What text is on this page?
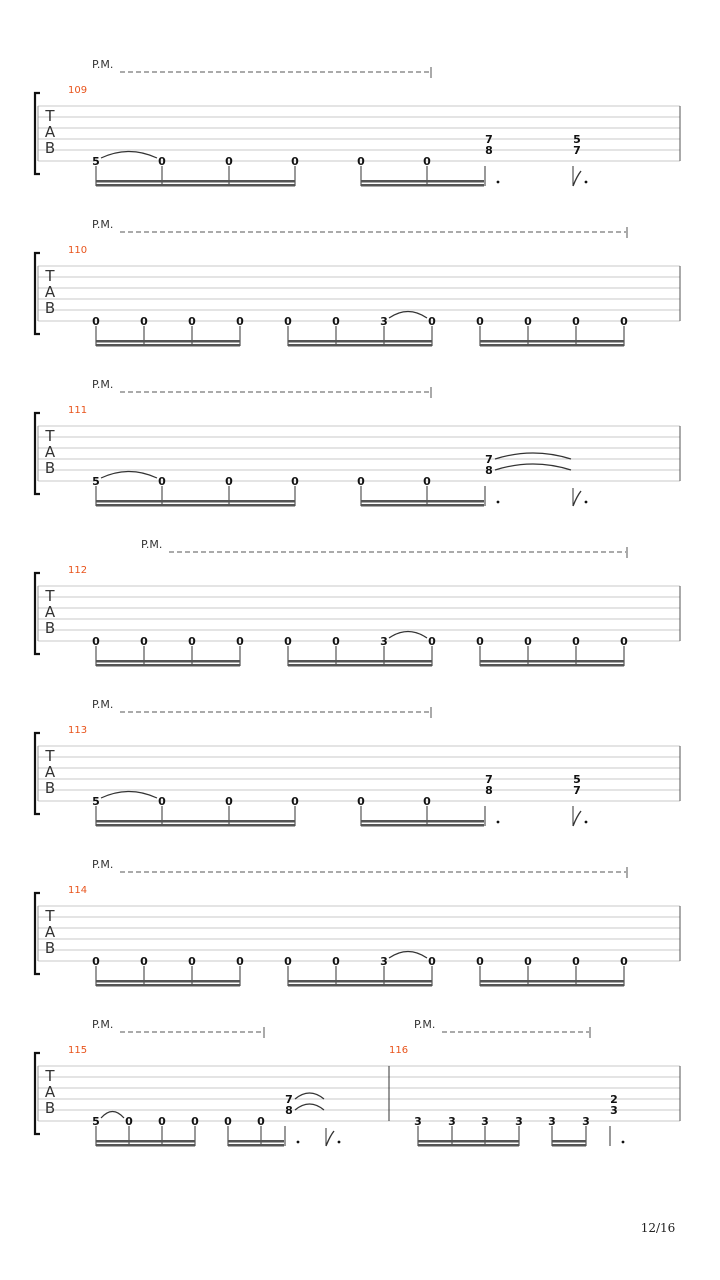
T
A
B
109
P.M.
5	0	0	0	0	0
7
8
5
7
T
A
B
110
P.M.
0	0	0	0	0	0	3	0	0	0	0	0
T
A
B
111
P.M.
5	0	0	0	0	0
7
8
T
A
B
112
P.M.
0	0	0	0	0	0	3	0	0	0	0	0
T
A
B
113
P.M.
5	0	0	0	0	0
7
8
5
7
T
A
B
114
P.M.
0	0	0	0	0	0	3	0	0	0	0	0
T
A
B
115
P.M.
5 0 0 0 0 0
7
8
116
P.M.
3 3 3 3 3 3
2
3
12/16
